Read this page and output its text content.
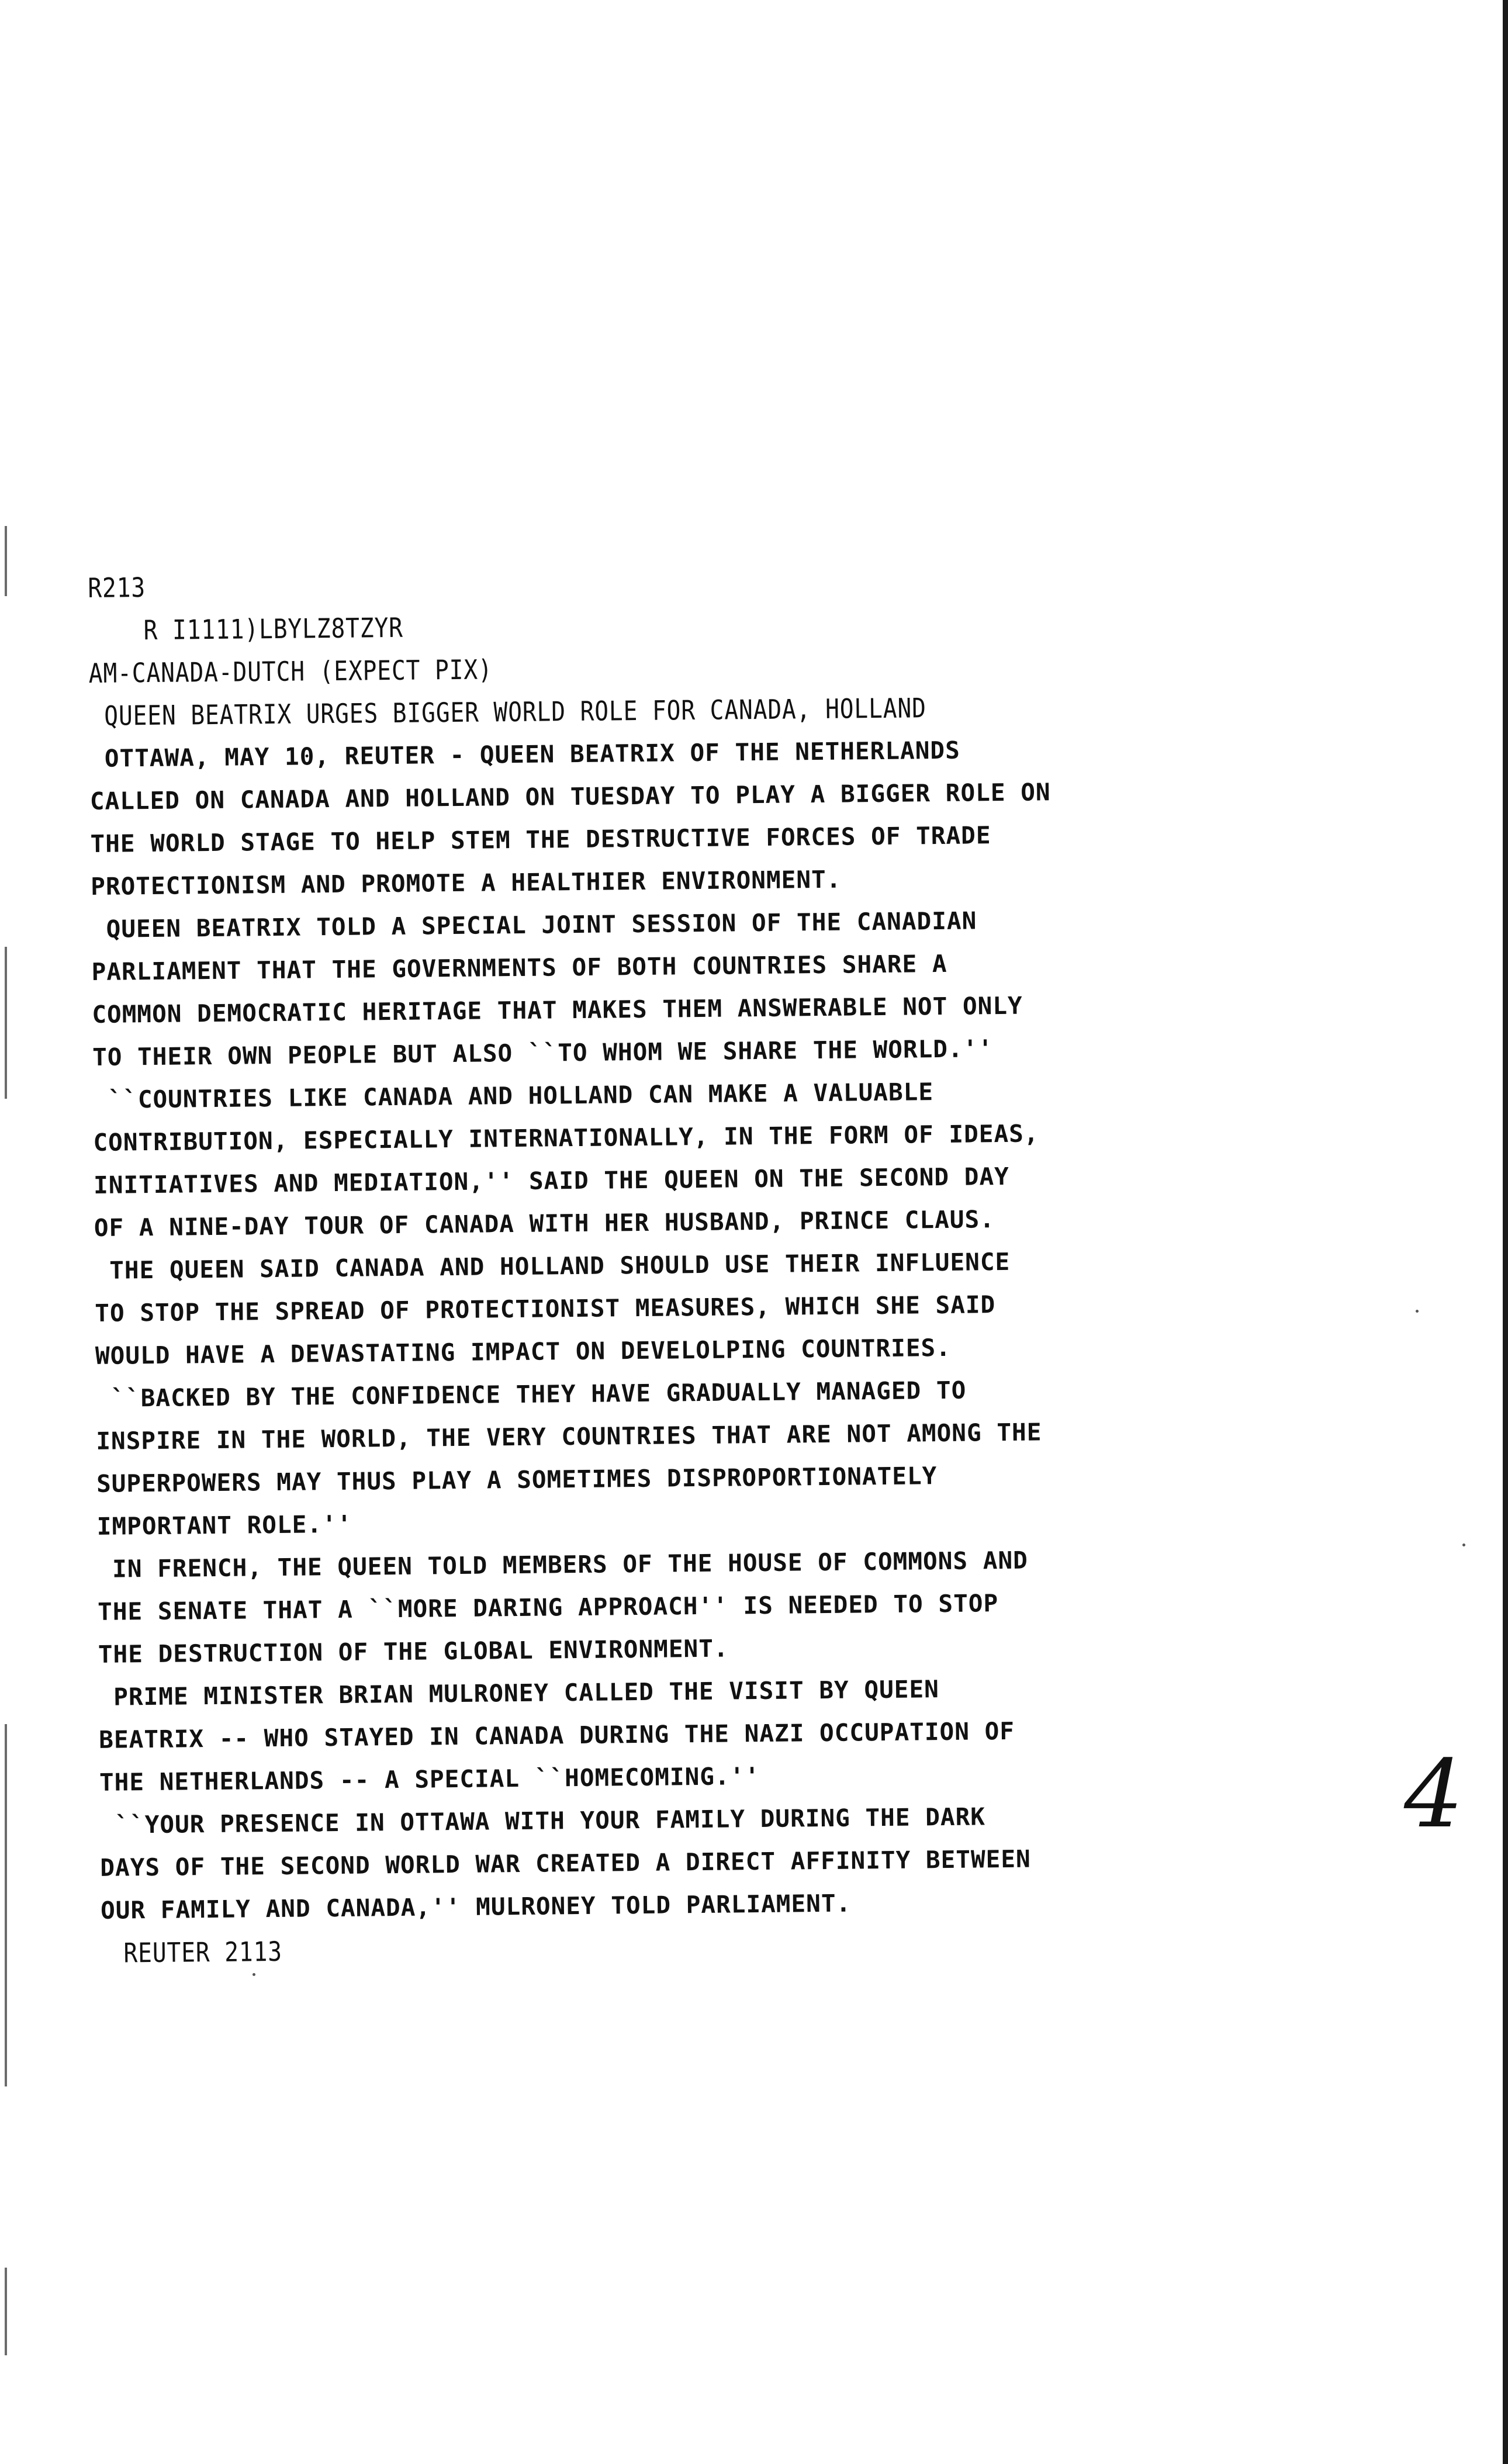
R213
R I1111)LBYLZ8TZYR
AM-CANADA-DUTCH (EXPECT PIX)
QUEEN BEATRIX URGES BIGGER WORLD ROLE FOR CANADA, HOLLAND
OTTAWA, MAY 10, REUTER - QUEEN BEATRIX OF THE NETHERLANDS
CALLED ON CANADA AND HOLLAND ON TUESDAY TO PLAY A BIGGER ROLE ON
THE WORLD STAGE TO HELP STEM THE DESTRUCTIVE FORCES OF TRADE
PROTECTIONISM AND PROMOTE A HEALTHIER ENVIRONMENT.
QUEEN BEATRIX TOLD A SPECIAL JOINT SESSION OF THE CANADIAN
PARLIAMENT THAT THE GOVERNMENTS OF BOTH COUNTRIES SHARE A
COMMON DEMOCRATIC HERITAGE THAT MAKES THEM ANSWERABLE NOT ONLY
TO THEIR OWN PEOPLE BUT ALSO ``TO WHOM WE SHARE THE WORLD.''
``COUNTRIES LIKE CANADA AND HOLLAND CAN MAKE A VALUABLE
CONTRIBUTION, ESPECIALLY INTERNATIONALLY, IN THE FORM OF IDEAS,
INITIATIVES AND MEDIATION,'' SAID THE QUEEN ON THE SECOND DAY
OF A NINE-DAY TOUR OF CANADA WITH HER HUSBAND, PRINCE CLAUS.
THE QUEEN SAID CANADA AND HOLLAND SHOULD USE THEIR INFLUENCE
TO STOP THE SPREAD OF PROTECTIONIST MEASURES, WHICH SHE SAID
WOULD HAVE A DEVASTATING IMPACT ON DEVELOLPING COUNTRIES.
``BACKED BY THE CONFIDENCE THEY HAVE GRADUALLY MANAGED TO
INSPIRE IN THE WORLD, THE VERY COUNTRIES THAT ARE NOT AMONG THE
SUPERPOWERS MAY THUS PLAY A SOMETIMES DISPROPORTIONATELY
IMPORTANT ROLE.''
IN FRENCH, THE QUEEN TOLD MEMBERS OF THE HOUSE OF COMMONS AND
THE SENATE THAT A ``MORE DARING APPROACH'' IS NEEDED TO STOP
THE DESTRUCTION OF THE GLOBAL ENVIRONMENT.
PRIME MINISTER BRIAN MULRONEY CALLED THE VISIT BY QUEEN
BEATRIX -- WHO STAYED IN CANADA DURING THE NAZI OCCUPATION OF
THE NETHERLANDS -- A SPECIAL ``HOMECOMING.''
``YOUR PRESENCE IN OTTAWA WITH YOUR FAMILY DURING THE DARK
DAYS OF THE SECOND WORLD WAR CREATED A DIRECT AFFINITY BETWEEN
OUR FAMILY AND CANADA,'' MULRONEY TOLD PARLIAMENT.
REUTER 2113
4
